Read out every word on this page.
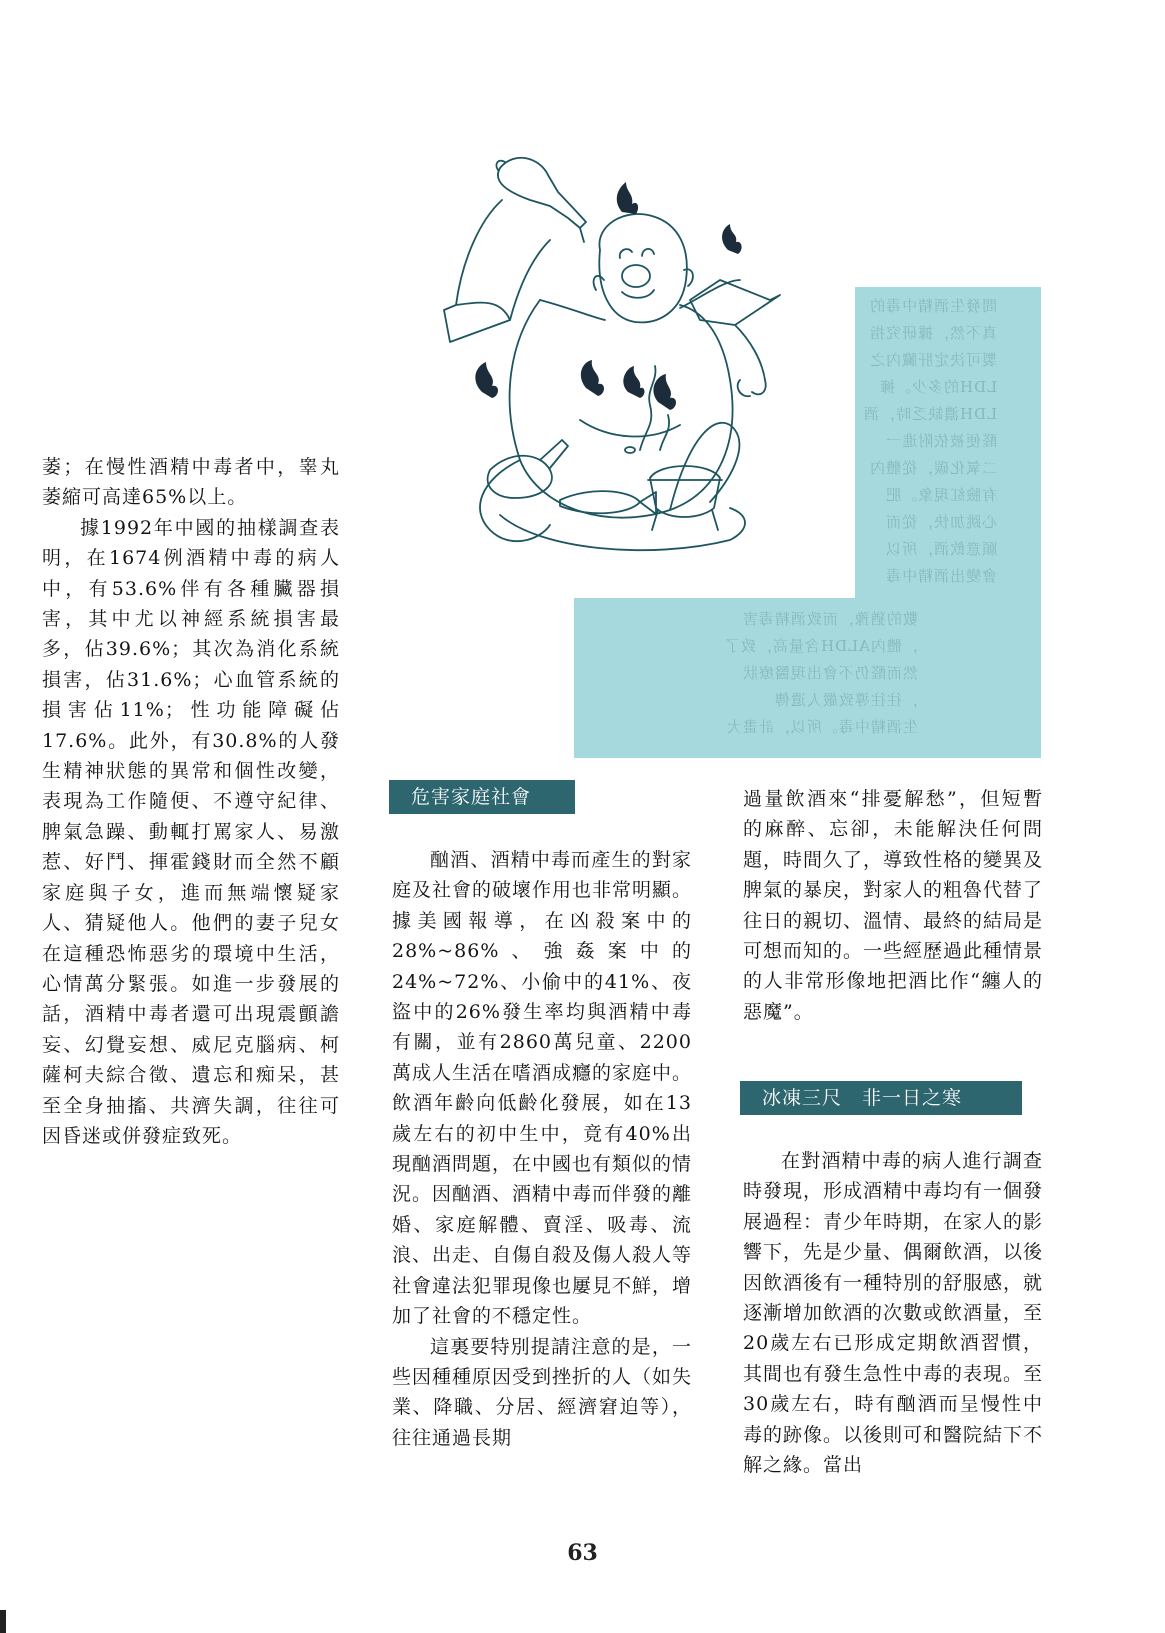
間發生酒精中毒的
真不然，據研究指
製可決定肝臟內之
LDH的多少。擁
LDH濃缺乏時，酒
醛便被依附進一
二氧化碳，從體內
有臉紅現象。肥
心跳加快，從而
願意飲酒，所以
會變出酒精中毒
數的猶豫，而致酒精毒害
，體內ALDH含量高，致了
然而醛仍不會出現醫療狀
，往往導致嚴人遺傳
生酒精中毒。所以，計畫大

萎；在慢性酒精中毒者中，睾丸萎縮可高達65%以上。

據1992年中國的抽樣調查表明，在1674例酒精中毒的病人中，有53.6%伴有各種臟器損害，其中尤以神經系統損害最多，佔39.6%；其次為消化系統損害，佔31.6%；心血管系統的損害佔11%；性功能障礙佔17.6%。此外，有30.8%的人發生精神狀態的異常和個性改變，表現為工作隨便、不遵守紀律、脾氣急躁、動輒打罵家人、易激惹、好鬥、揮霍錢財而全然不顧家庭與子女，進而無端懷疑家人、猜疑他人。他們的妻子兒女在這種恐怖惡劣的環境中生活，心情萬分緊張。如進一步發展的話，酒精中毒者還可出現震顫譫妄、幻覺妄想、威尼克腦病、柯薩柯夫綜合徵、遺忘和痴呆，甚至全身抽搐、共濟失調，往往可因昏迷或併發症致死。

危害家庭社會

酗酒、酒精中毒而產生的對家庭及社會的破壞作用也非常明顯。據美國報導，在凶殺案中的28%~86%、強姦案中的24%~72%、小偷中的41%、夜盜中的26%發生率均與酒精中毒有關，並有2860萬兒童、2200萬成人生活在嗜酒成癮的家庭中。飲酒年齡向低齡化發展，如在13歲左右的初中生中，竟有40%出現酗酒問題，在中國也有類似的情況。因酗酒、酒精中毒而伴發的離婚、家庭解體、賣淫、吸毒、流浪、出走、自傷自殺及傷人殺人等社會違法犯罪現像也屢見不鮮，增加了社會的不穩定性。

這裏要特別提請注意的是，一些因種種原因受到挫折的人（如失業、降職、分居、經濟窘迫等），往往通過長期

過量飲酒來“排憂解愁”，但短暫的麻醉、忘卻，未能解決任何問題，時間久了，導致性格的變異及脾氣的暴戾，對家人的粗魯代替了往日的親切、溫情、最終的結局是可想而知的。一些經歷過此種情景的人非常形像地把酒比作“纏人的惡魔”。

冰凍三尺　非一日之寒

在對酒精中毒的病人進行調查時發現，形成酒精中毒均有一個發展過程：青少年時期，在家人的影響下，先是少量、偶爾飲酒，以後因飲酒後有一種特別的舒服感，就逐漸增加飲酒的次數或飲酒量，至20歲左右已形成定期飲酒習慣，其間也有發生急性中毒的表現。至30歲左右，時有酗酒而呈慢性中毒的跡像。以後則可和醫院結下不解之緣。當出

63
